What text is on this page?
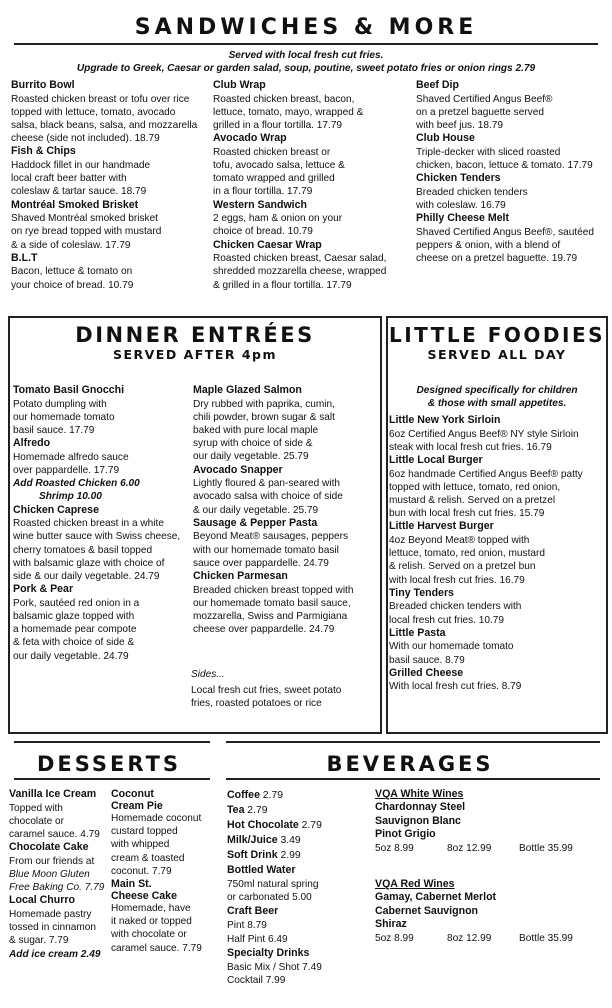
SANDWICHES & MORE
Served with local fresh cut fries.
Upgrade to Greek, Caesar or garden salad, soup, poutine, sweet potato fries or onion rings 2.79
Burrito Bowl
Roasted chicken breast or tofu over rice
topped with lettuce, tomato, avocado
salsa, black beans, salsa, and mozzarella
cheese (side not included). 18.79
Fish & Chips
Haddock fillet in our handmade
local craft beer batter with
coleslaw & tartar sauce. 18.79
Montréal Smoked Brisket
Shaved Montréal smoked brisket
on rye bread topped with mustard
& a side of coleslaw. 17.79
B.L.T
Bacon, lettuce & tomato on
your choice of bread. 10.79
Club Wrap
Roasted chicken breast, bacon,
lettuce, tomato, mayo, wrapped &
grilled in a flour tortilla. 17.79
Avocado Wrap
Roasted chicken breast or
tofu, avocado salsa, lettuce &
tomato wrapped and grilled
in a flour tortilla. 17.79
Western Sandwich
2 eggs, ham & onion on your
choice of bread. 10.79
Chicken Caesar Wrap
Roasted chicken breast, Caesar salad,
shredded mozzarella cheese, wrapped
& grilled in a flour tortilla. 17.79
Beef Dip
Shaved Certified Angus Beef®
on a pretzel baguette served
with beef jus. 18.79
Club House
Triple-decker with sliced roasted
chicken, bacon, lettuce & tomato. 17.79
Chicken Tenders
Breaded chicken tenders
with coleslaw. 16.79
Philly Cheese Melt
Shaved Certified Angus Beef®, sautéed
peppers & onion, with a blend of
cheese on a pretzel baguette. 19.79
DINNER ENTRÉES
SERVED AFTER 4pm
Tomato Basil Gnocchi
Potato dumpling with
our homemade tomato
basil sauce. 17.79
Alfredo
Homemade alfredo sauce
over pappardelle. 17.79
Add Roasted Chicken 6.00
Shrimp 10.00
Chicken Caprese
Roasted chicken breast in a white
wine butter sauce with Swiss cheese,
cherry tomatoes & basil topped
with balsamic glaze with choice of
side & our daily vegetable. 24.79
Pork & Pear
Pork, sautéed red onion in a
balsamic glaze topped with
a homemade pear compote
& feta with choice of side &
our daily vegetable. 24.79
Maple Glazed Salmon
Dry rubbed with paprika, cumin,
chili powder, brown sugar & salt
baked with pure local maple
syrup with choice of side &
our daily vegetable. 25.79
Avocado Snapper
Lightly floured & pan-seared with
avocado salsa with choice of side
& our daily vegetable. 25.79
Sausage & Pepper Pasta
Beyond Meat® sausages, peppers
with our homemade tomato basil
sauce over pappardelle. 24.79
Chicken Parmesan
Breaded chicken breast topped with
our homemade tomato basil sauce,
mozzarella, Swiss and Parmigiana
cheese over pappardelle. 24.79
Sides...
Local fresh cut fries, sweet potato
fries, roasted potatoes or rice
LITTLE FOODIES
SERVED ALL DAY
Designed specifically for children
& those with small appetites.
Little New York Sirloin
6oz Certified Angus Beef® NY style Sirloin
steak with local fresh cut fries. 16.79
Little Local Burger
6oz handmade Certified Angus Beef® patty
topped with lettuce, tomato, red onion,
mustard & relish. Served on a pretzel
bun with local fresh cut fries. 15.79
Little Harvest Burger
4oz Beyond Meat® topped with
lettuce, tomato, red onion, mustard
& relish. Served on a pretzel bun
with local fresh cut fries. 16.79
Tiny Tenders
Breaded chicken tenders with
local fresh cut fries. 10.79
Little Pasta
With our homemade tomato
basil sauce. 8.79
Grilled Cheese
With local fresh cut fries. 8.79
DESSERTS	BEVERAGES
Vanilla Ice Cream
Topped with
chocolate or
caramel sauce. 4.79
Chocolate Cake
From our friends at
Blue Moon Gluten
Free Baking Co. 7.79
Local Churro
Homemade pastry
tossed in cinnamon
& sugar. 7.79
Add ice cream 2.49
Coconut
Cream Pie
Homemade coconut
custard topped
with whipped
cream & toasted
coconut. 7.79
Main St.
Cheese Cake
Homemade, have
it naked or topped
with chocolate or
caramel sauce. 7.79
Coffee 2.79
Tea 2.79
Hot Chocolate 2.79
Milk/Juice 3.49
Soft Drink 2.99
Bottled Water
750ml natural spring
or carbonated 5.00
Craft Beer
Pint 8.79
Half Pint 6.49
Specialty Drinks
Basic Mix / Shot 7.49
Cocktail 7.99
VQA White Wines
Chardonnay Steel
Sauvignon Blanc
Pinot Grigio
5oz 8.99	8oz 12.99	Bottle 35.99
VQA Red Wines
Gamay, Cabernet Merlot
Cabernet Sauvignon
Shiraz
5oz 8.99	8oz 12.99	Bottle 35.99
